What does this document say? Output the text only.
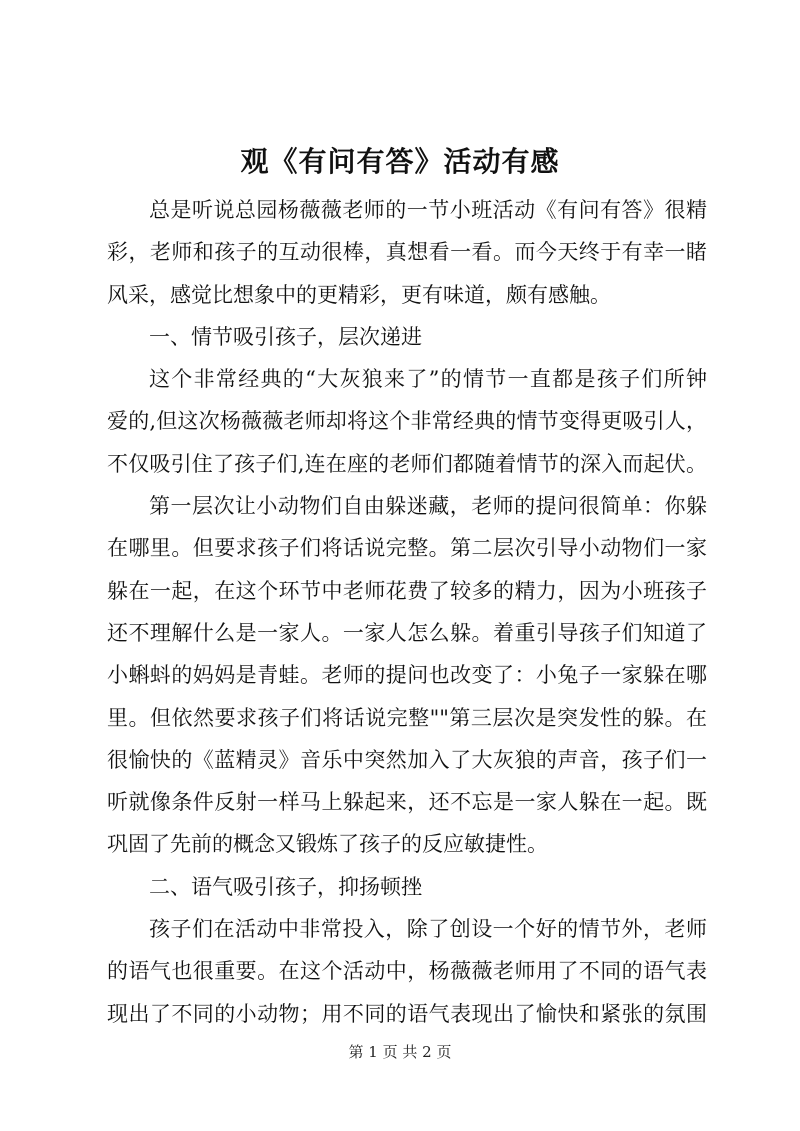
观《有问有答》活动有感
总是听说总园杨薇薇老师的一节小班活动《有问有答》很精
彩，老师和孩子的互动很棒，真想看一看。而今天终于有幸一睹
风采，感觉比想象中的更精彩，更有味道，颇有感触。
一、情节吸引孩子，层次递进
这个非常经典的“大灰狼来了”的情节一直都是孩子们所钟
爱的,但这次杨薇薇老师却将这个非常经典的情节变得更吸引人，
不仅吸引住了孩子们,连在座的老师们都随着情节的深入而起伏。
第一层次让小动物们自由躲迷藏，老师的提问很简单：你躲
在哪里。但要求孩子们将话说完整。第二层次引导小动物们一家
躲在一起，在这个环节中老师花费了较多的精力，因为小班孩子
还不理解什么是一家人。一家人怎么躲。着重引导孩子们知道了
小蝌蚪的妈妈是青蛙。老师的提问也改变了：小兔子一家躲在哪
里。但依然要求孩子们将话说完整""第三层次是突发性的躲。在
很愉快的《蓝精灵》音乐中突然加入了大灰狼的声音，孩子们一
听就像条件反射一样马上躲起来，还不忘是一家人躲在一起。既
巩固了先前的概念又锻炼了孩子的反应敏捷性。
二、语气吸引孩子，抑扬顿挫
孩子们在活动中非常投入，除了创设一个好的情节外，老师
的语气也很重要。在这个活动中，杨薇薇老师用了不同的语气表
现出了不同的小动物；用不同的语气表现出了愉快和紧张的氛围
第 1 页 共 2 页
